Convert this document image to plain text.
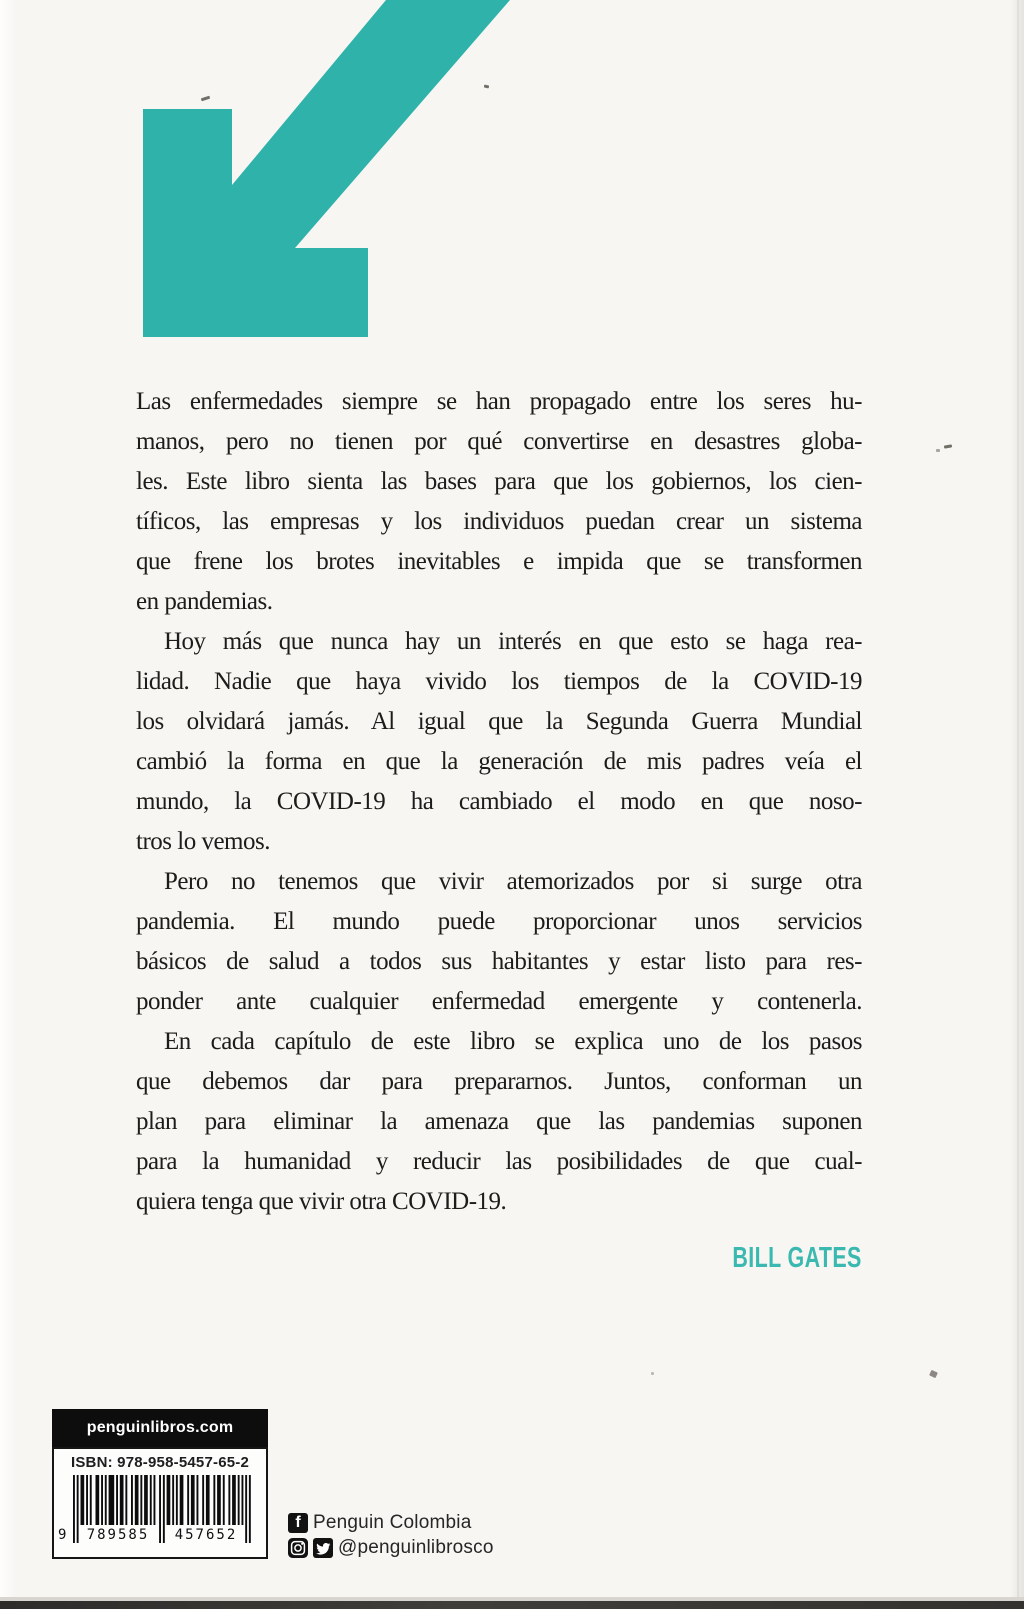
Las enfermedades siempre se han propagado entre los seres hu-
manos, pero no tienen por qué convertirse en desastres globa-
les. Este libro sienta las bases para que los gobiernos, los cien-
tíficos, las empresas y los individuos puedan crear un sistema
que frene los brotes inevitables e impida que se transformen
en pandemias.
Hoy más que nunca hay un interés en que esto se haga rea-
lidad. Nadie que haya vivido los tiempos de la COVID-19
los olvidará jamás. Al igual que la Segunda Guerra Mundial
cambió la forma en que la generación de mis padres veía el
mundo, la COVID-19 ha cambiado el modo en que noso-
tros lo vemos.
Pero no tenemos que vivir atemorizados por si surge otra
pandemia. El mundo puede proporcionar unos servicios
básicos de salud a todos sus habitantes y estar listo para res-
ponder ante cualquier enfermedad emergente y contenerla.
En cada capítulo de este libro se explica uno de los pasos
que debemos dar para prepararnos. Juntos, conforman un
plan para eliminar la amenaza que las pandemias suponen
para la humanidad y reducir las posibilidades de que cual-
quiera tenga que vivir otra COVID-19.
BILL GATES
penguinlibros.com
ISBN: 978-958-5457-65-2
9	789585	457652
f Penguin Colombia
@penguinlibrosco
